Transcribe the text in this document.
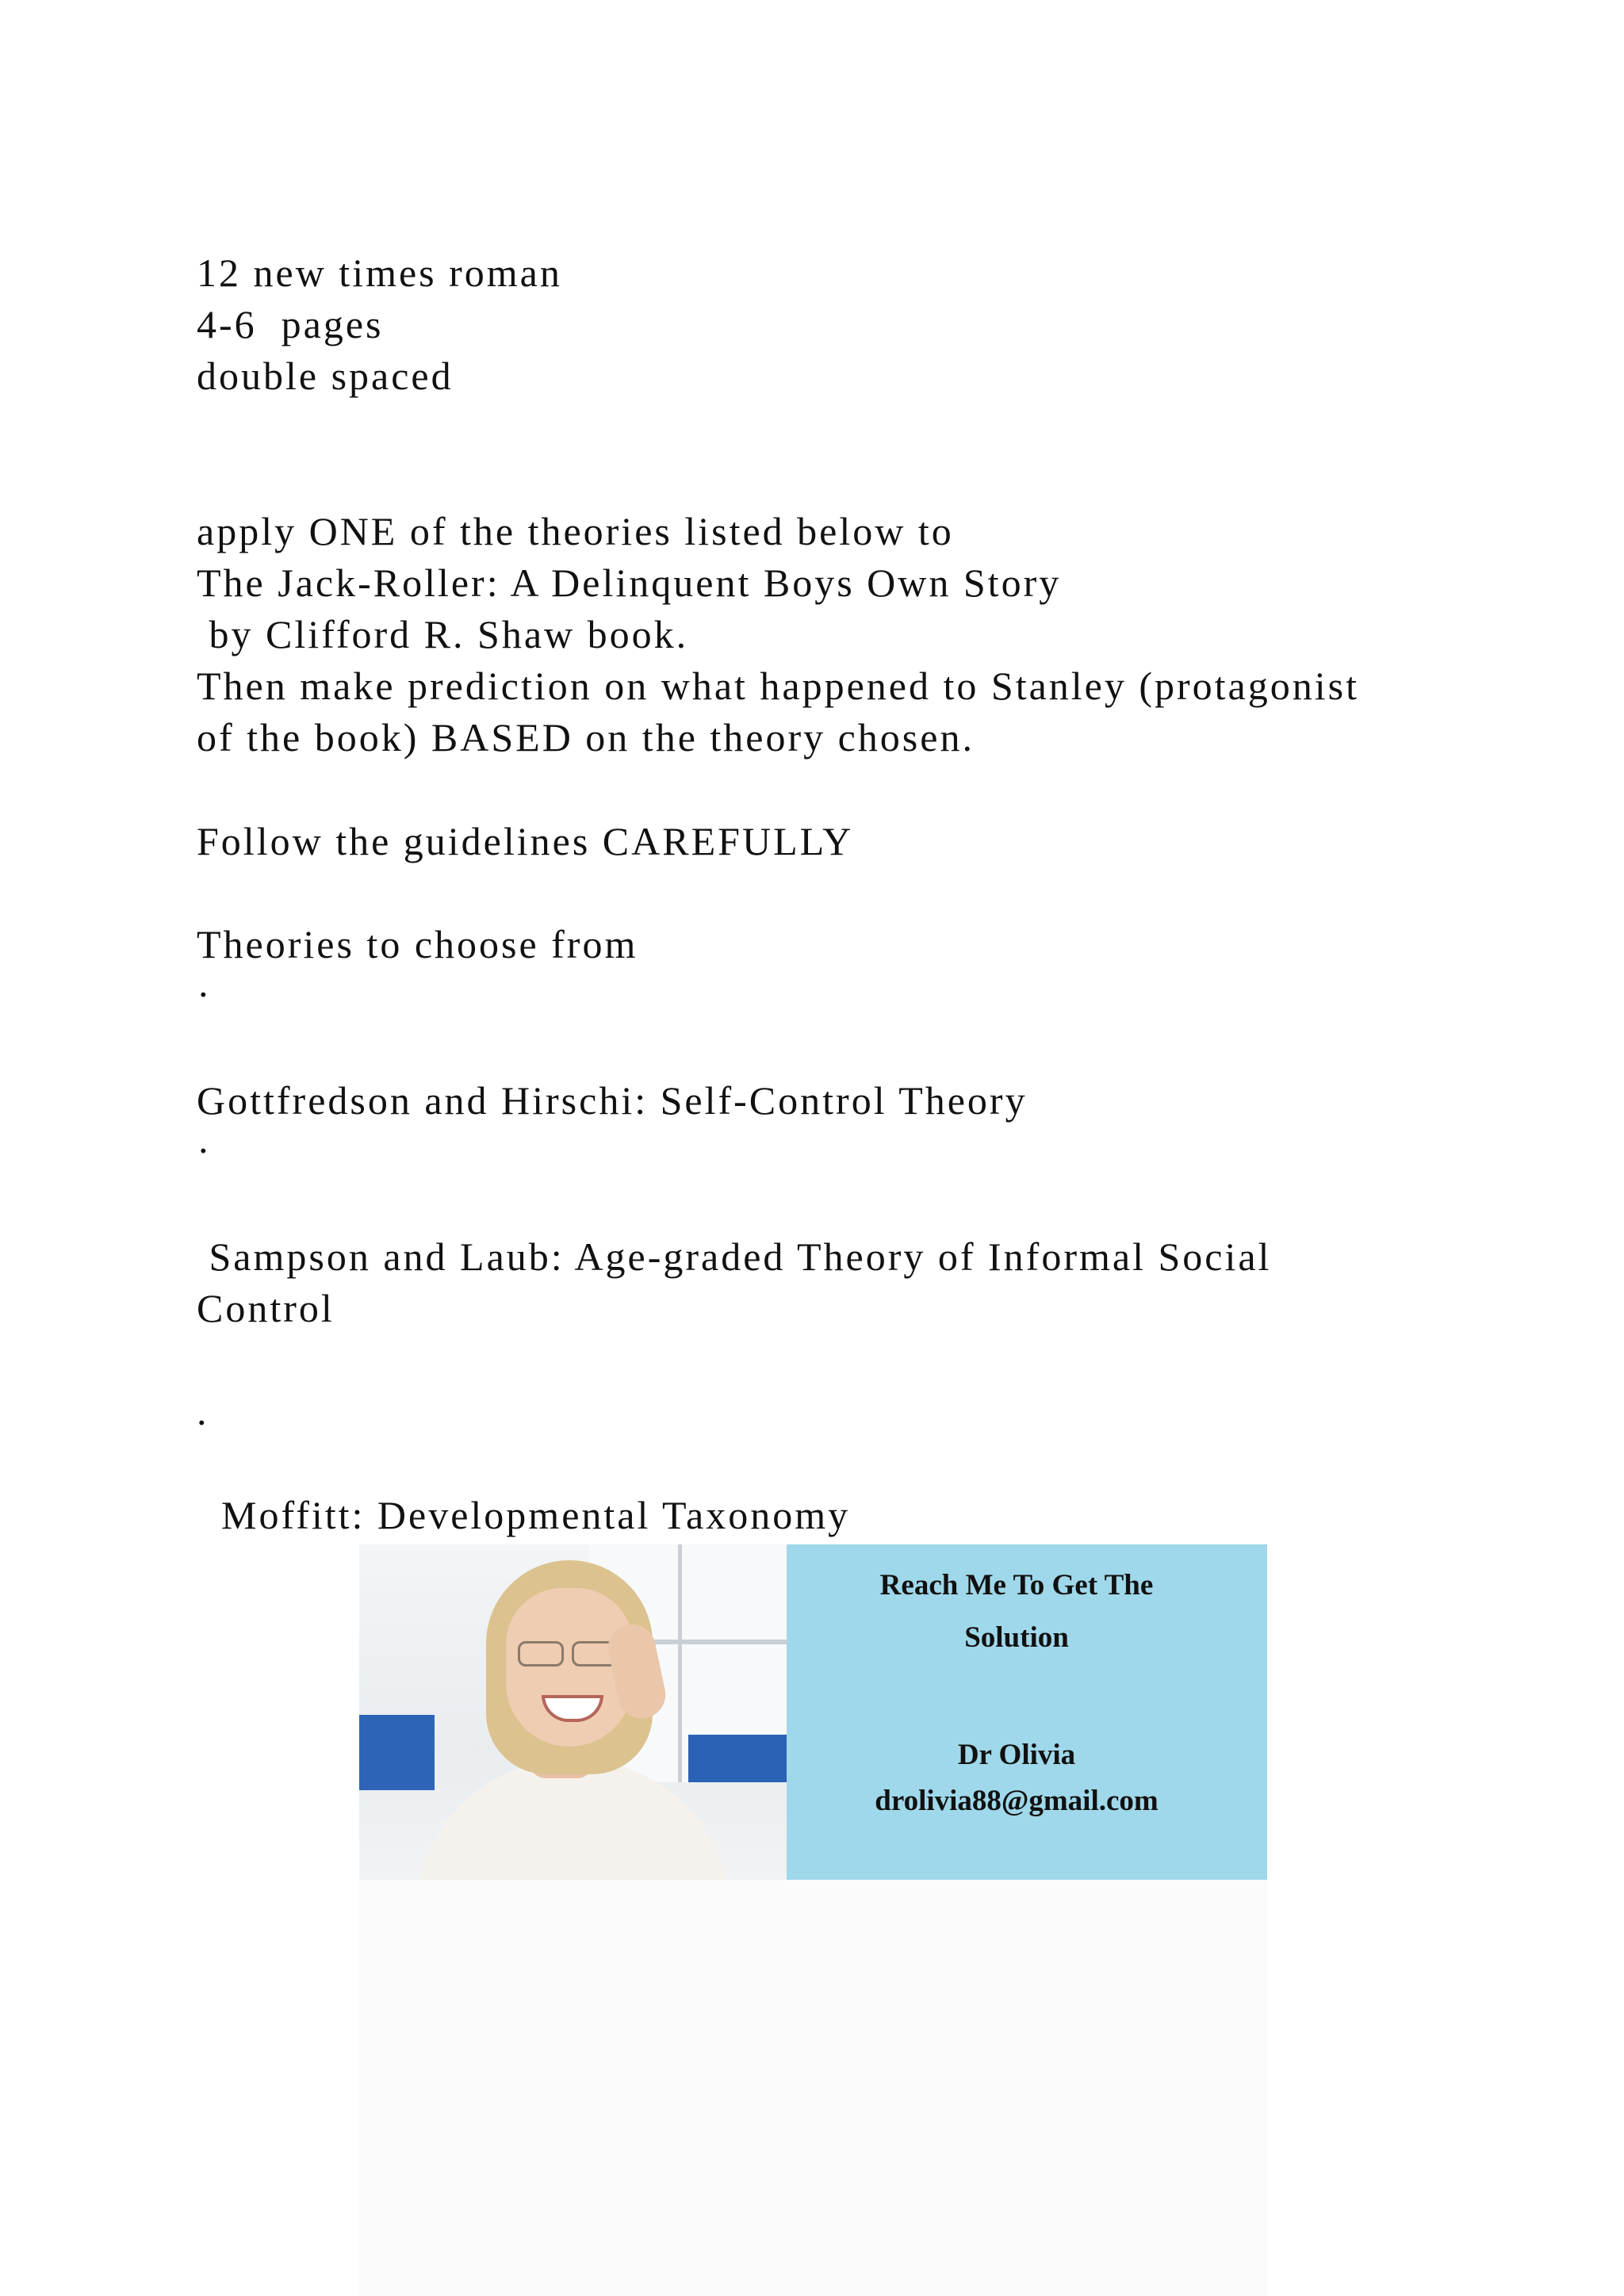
12 new times roman

4-6  pages

double spaced

apply ONE of the theories listed below to

The Jack-Roller: A Delinquent Boys Own Story

by Clifford R. Shaw book.

Then make prediction on what happened to Stanley (protagonist

of the book) BASED on the theory chosen.

Follow the guidelines CAREFULLY

Theories to choose from

·

Gottfredson and Hirschi: Self-Control Theory

·

Sampson and Laub: Age-graded Theory of Informal Social

Control

.

Moffitt: Developmental Taxonomy

Reach Me To Get The
Solution
Dr Olivia
drolivia88@gmail.com
